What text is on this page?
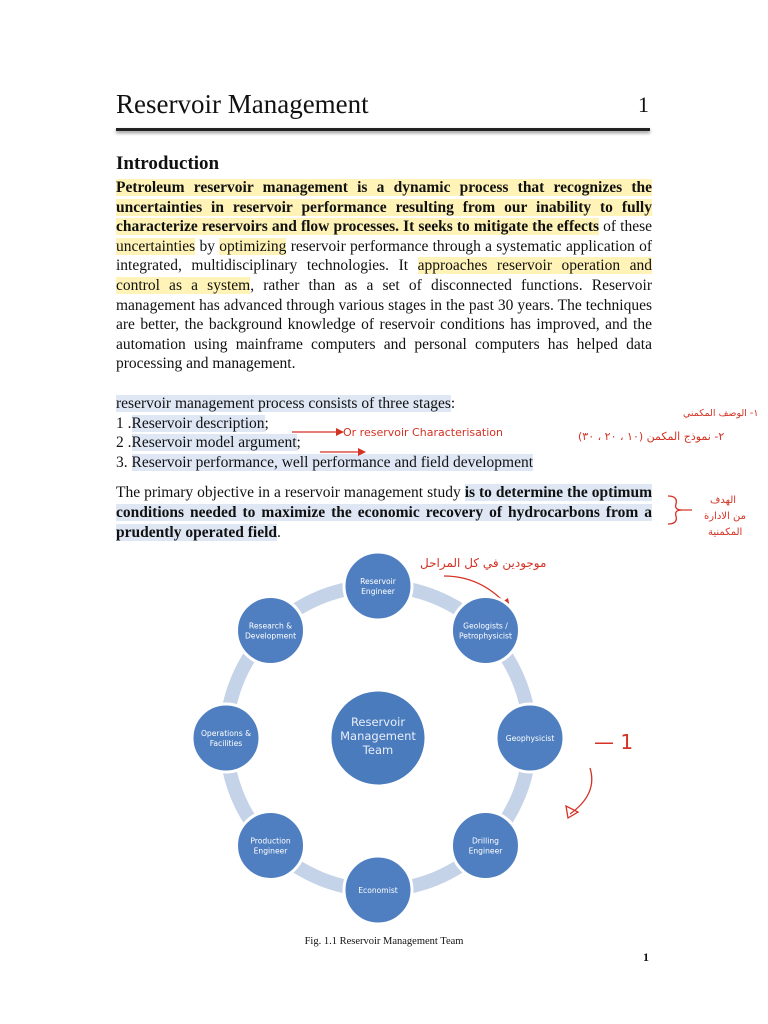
Reservoir Management	1
Introduction

Petroleum reservoir management is a dynamic process that recognizes the uncertainties in reservoir performance resulting from our inability to fully characterize reservoirs and flow processes. It seeks to mitigate the effects of these uncertainties by optimizing reservoir performance through a systematic application of integrated, multidisciplinary technologies. It approaches reservoir operation and control as a system, rather than as a set of disconnected functions. Reservoir management has advanced through various stages in the past 30 years. The techniques are better, the background knowledge of reservoir conditions has improved, and the automation using mainframe computers and personal computers has helped data processing and management.

reservoir management process consists of three stages:
1 .Reservoir description;
2 .Reservoir model argument;
3. Reservoir performance, well performance and field development

The primary objective in a reservoir management study is to determine the optimum conditions needed to maximize the economic recovery of hydrocarbons from a prudently operated field.

Or reservoir Characterisation
١- الوصف المكمني
٢- نموذج المكمن (١٠ ، ٢٠ ، ٣٠)
الهدف
من الادارة
المكمنية
موجودين في كل المراحل
— 1
Reservoir
Management
Team
Reservoir
Engineer
Geologists /
Petrophysicist
Geophysicist
Drilling
Engineer
Economist
Production
Engineer
Operations &
Facilities
Research &
Development
Fig. 1.1 Reservoir Management Team
1
